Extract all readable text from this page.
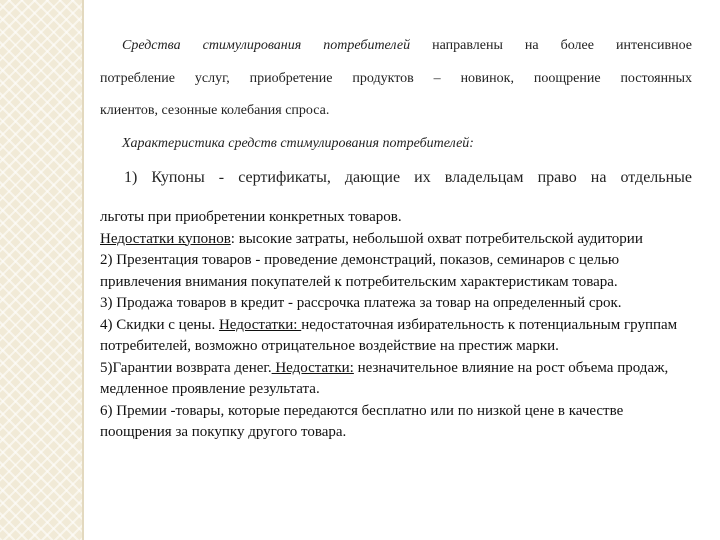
Средства стимулирования потребителей направлены на более интенсивное
потребление услуг, приобретение продуктов – новинок, поощрение постоянных
клиентов, сезонные колебания спроса.
Характеристика средств стимулирования потребителей:
1) Купоны - сертификаты, дающие их владельцам право на отдельные

льготы при приобретении конкретных товаров.

Недостатки купонов: высокие затраты, небольшой охват потребительской аудитории

2) Презентация товаров - проведение демонстраций, показов, семинаров с целью привлечения внимания покупателей к потребительским характеристикам товара.

3) Продажа товаров в кредит - рассрочка платежа за товар на определенный срок.

4) Скидки с цены. Недостатки: недостаточная избирательность к потенциальным группам потребителей, возможно отрицательное воздействие на престиж марки.

5)Гарантии возврата денег. Недостатки: незначительное влияние на рост объема продаж, медленное проявление результата.

6) Премии -товары, которые передаются бесплатно или по низкой цене в качестве поощрения за покупку другого товара.
